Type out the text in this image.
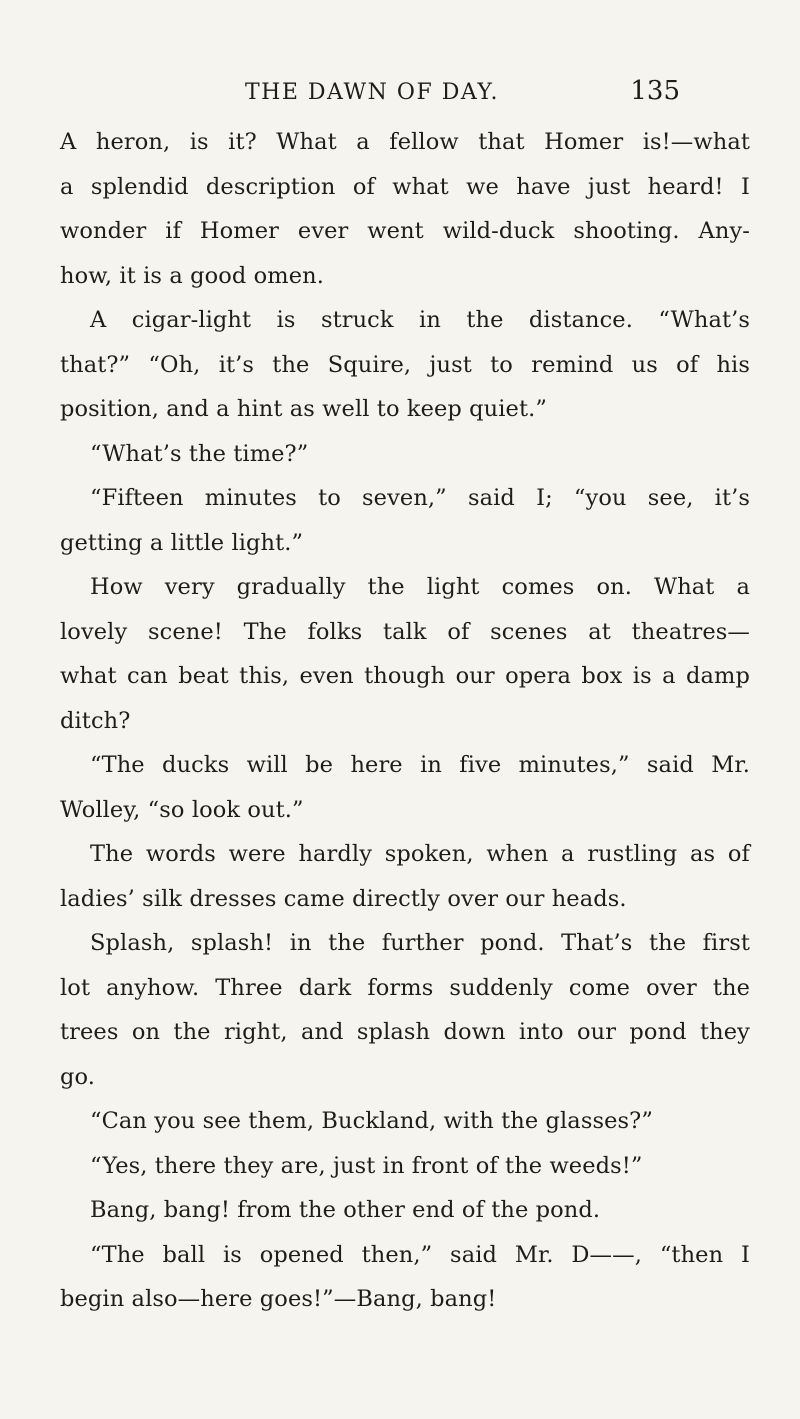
THE DAWN OF DAY.	135
A heron, is it? What a fellow that Homer is!—what
a splendid description of what we have just heard! I
wonder if Homer ever went wild-duck shooting. Any-
how, it is a good omen.
A cigar-light is struck in the distance. “What’s
that?” “Oh, it’s the Squire, just to remind us of his
position, and a hint as well to keep quiet.”
“What’s the time?”
“Fifteen minutes to seven,” said I; “you see, it’s
getting a little light.”
How very gradually the light comes on. What a
lovely scene! The folks talk of scenes at theatres—
what can beat this, even though our opera box is a damp
ditch?
“The ducks will be here in five minutes,” said Mr.
Wolley, “so look out.”
The words were hardly spoken, when a rustling as of
ladies’ silk dresses came directly over our heads.
Splash, splash! in the further pond. That’s the first
lot anyhow. Three dark forms suddenly come over the
trees on the right, and splash down into our pond they
go.
“Can you see them, Buckland, with the glasses?”
“Yes, there they are, just in front of the weeds!”
Bang, bang! from the other end of the pond.
“The ball is opened then,” said Mr. D——, “then I
begin also—here goes!”—Bang, bang!
